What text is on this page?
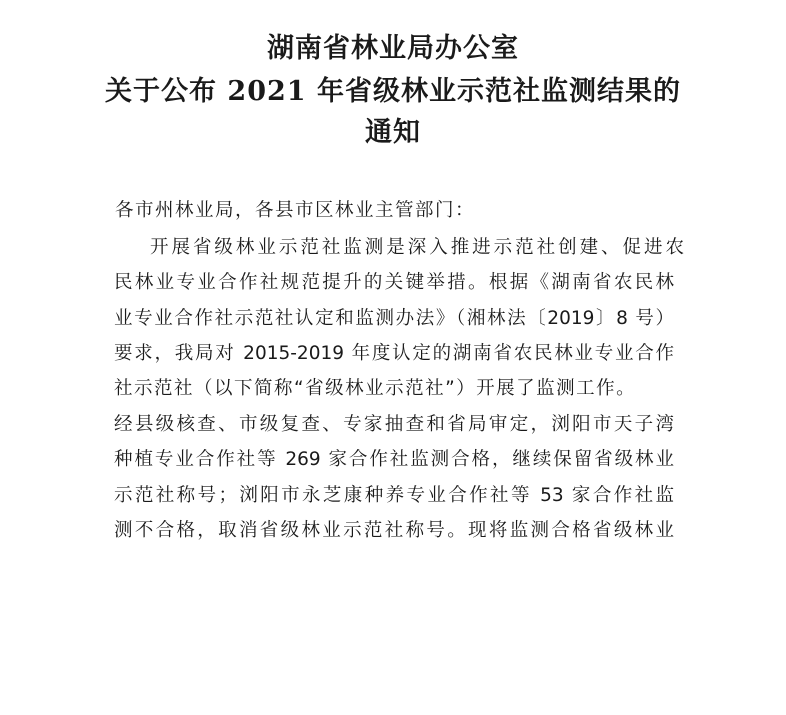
湖南省林业局办公室
关于公布 2021 年省级林业示范社监测结果的
通知
各市州林业局，各县市区林业主管部门：
开展省级林业示范社监测是深入推进示范社创建、促进农
民林业专业合作社规范提升的关键举措。根据《湖南省农民林
业专业合作社示范社认定和监测办法》（湘林法〔2019〕8 号）
要求，我局对 2015-2019 年度认定的湖南省农民林业专业合作
社示范社（以下简称“省级林业示范社”）开展了监测工作。
经县级核查、市级复查、专家抽查和省局审定，浏阳市天子湾
种植专业合作社等 269 家合作社监测合格，继续保留省级林业
示范社称号；浏阳市永芝康种养专业合作社等 53 家合作社监
测不合格，取消省级林业示范社称号。现将监测合格省级林业
